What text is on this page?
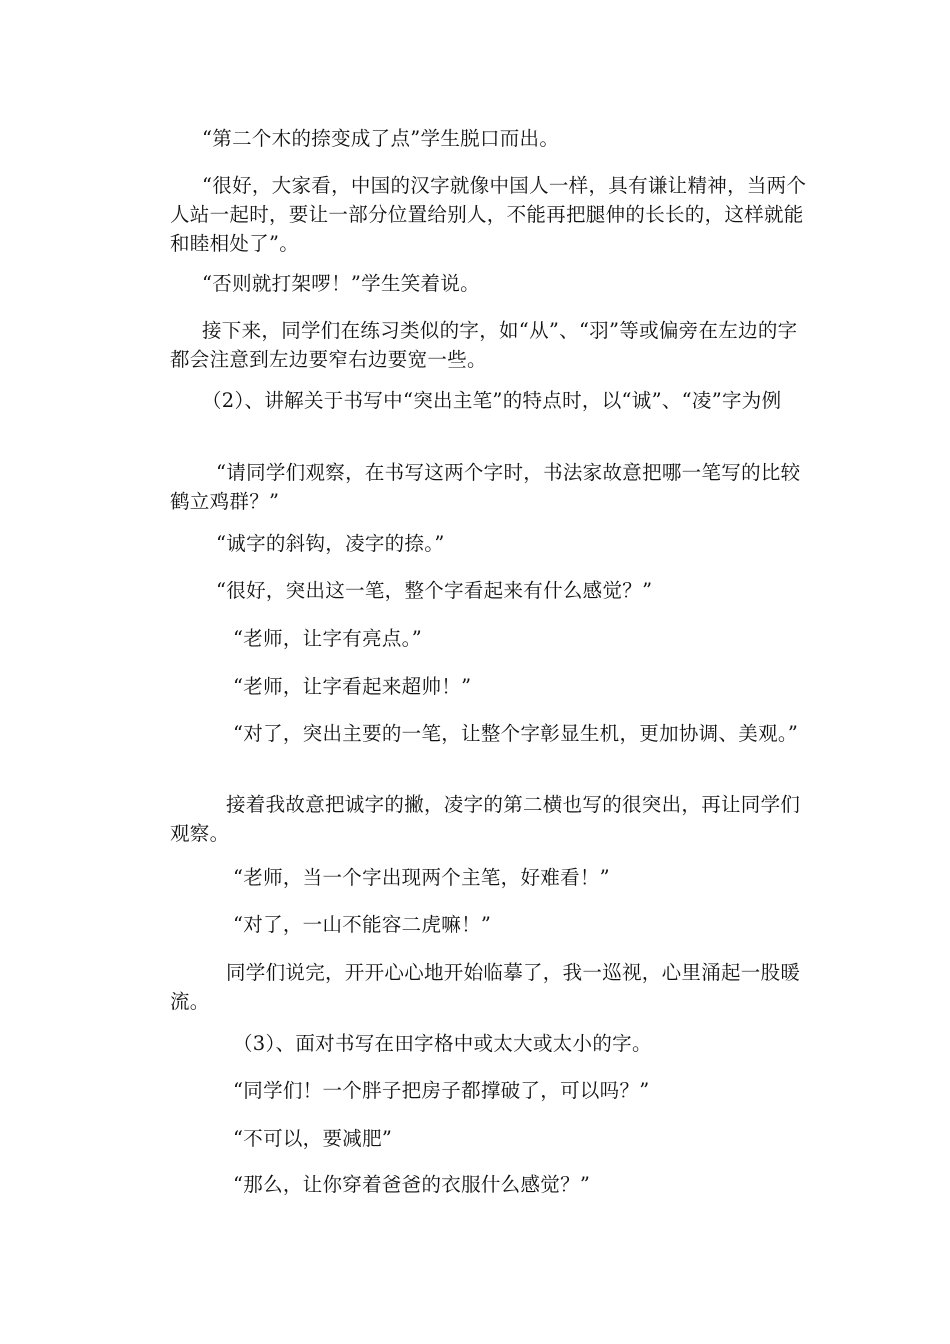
“第二个木的捺变成了点”学生脱口而出。

“很好，大家看，中国的汉字就像中国人一样，具有谦让精神，当两个人站一起时，要让一部分位置给别人，不能再把腿伸的长长的，这样就能和睦相处了”。

“否则就打架啰！”学生笑着说。

接下来，同学们在练习类似的字，如“从”、“羽”等或偏旁在左边的字都会注意到左边要窄右边要宽一些。

（2）、讲解关于书写中“突出主笔”的特点时，以“诚”、“凌”字为例

“请同学们观察，在书写这两个字时，书法家故意把哪一笔写的比较鹤立鸡群？”

“诚字的斜钩，凌字的捺。”

“很好，突出这一笔，整个字看起来有什么感觉？”

“老师，让字有亮点。”

“老师，让字看起来超帅！”

“对了，突出主要的一笔，让整个字彰显生机，更加协调、美观。”

接着我故意把诚字的撇，凌字的第二横也写的很突出，再让同学们观察。

“老师，当一个字出现两个主笔，好难看！”

“对了，一山不能容二虎嘛！”

同学们说完，开开心心地开始临摹了，我一巡视，心里涌起一股暖流。

（3）、面对书写在田字格中或太大或太小的字。

“同学们！一个胖子把房子都撑破了，可以吗？”

“不可以，要减肥”

“那么，让你穿着爸爸的衣服什么感觉？”
